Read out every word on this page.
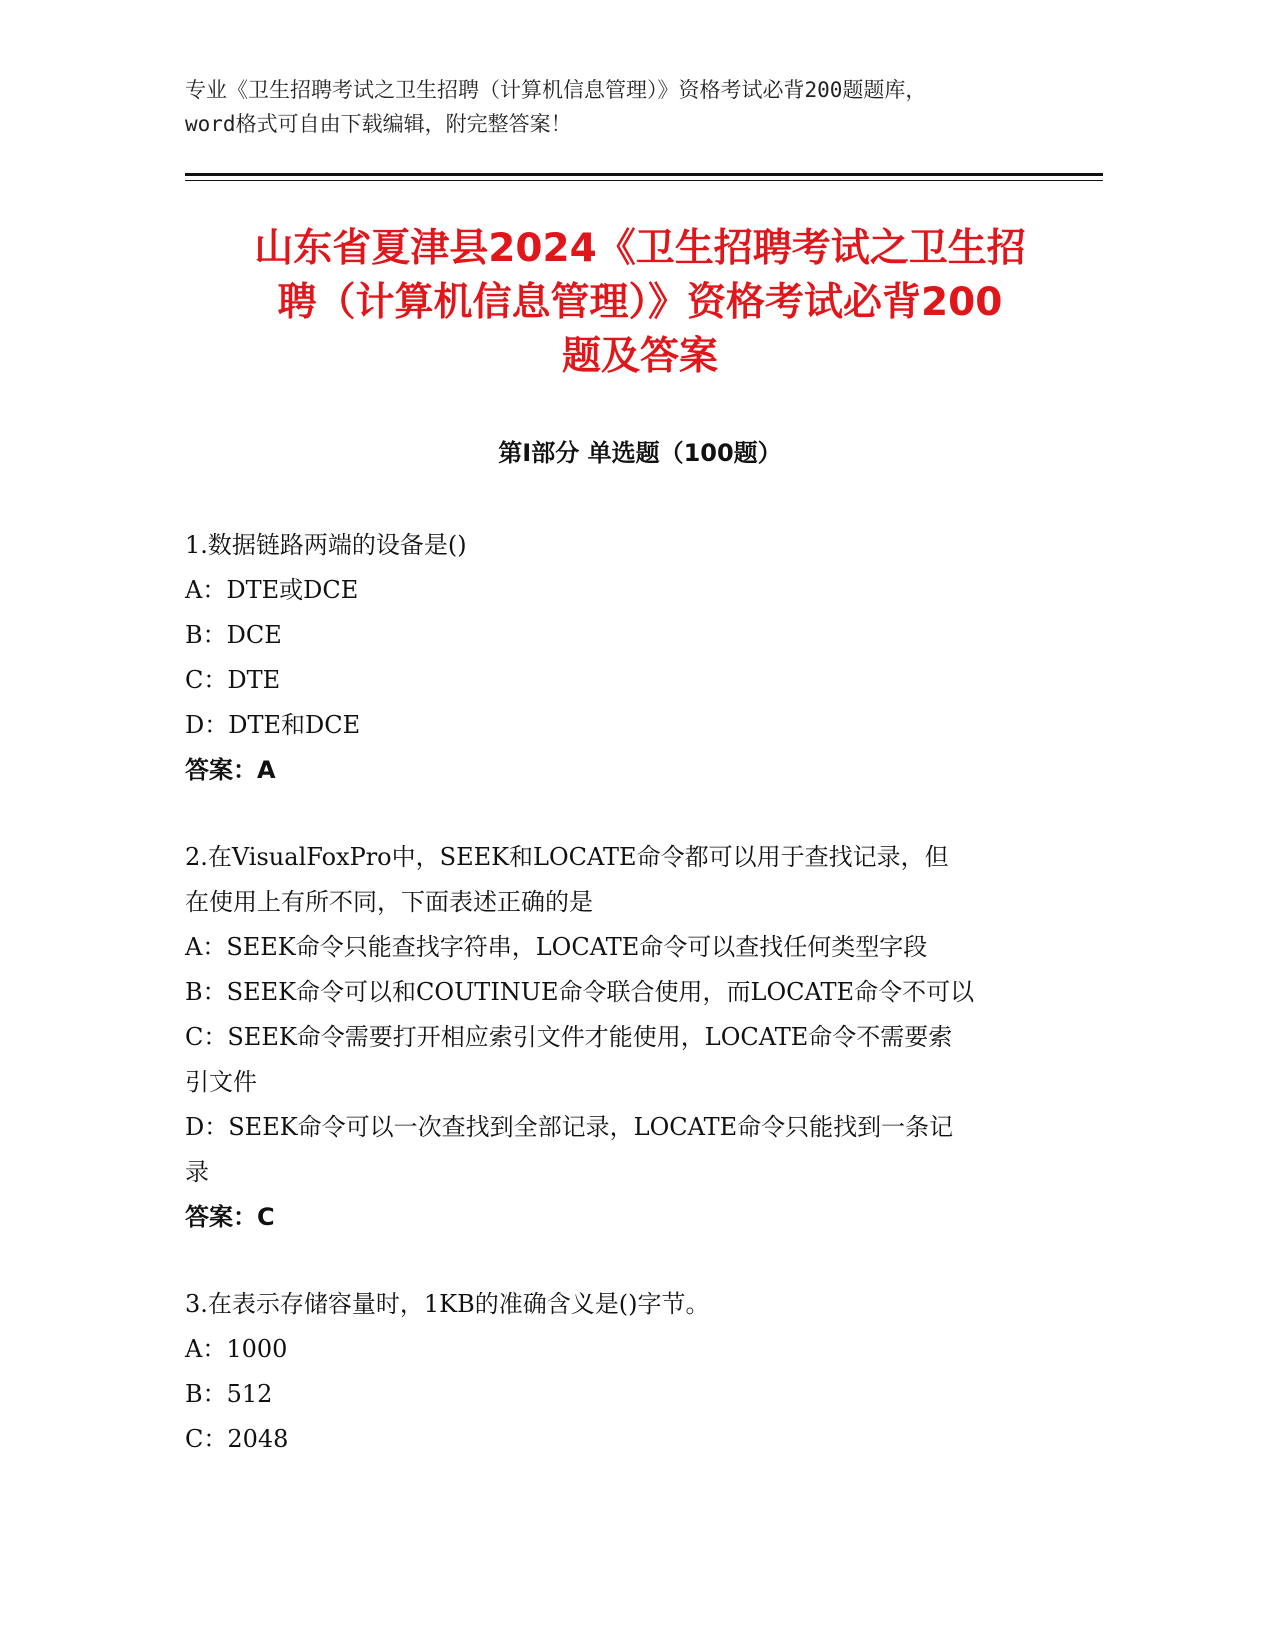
专业《卫生招聘考试之卫生招聘（计算机信息管理）》资格考试必背200题题库，
word格式可自由下载编辑，附完整答案！
山东省夏津县2024《卫生招聘考试之卫生招
聘（计算机信息管理）》资格考试必背200
题及答案
第I部分 单选题（100题）

1.数据链路两端的设备是()

A：DTE或DCE

B：DCE

C：DTE

D：DTE和DCE

答案：A

2.在VisualFoxPro中，SEEK和LOCATE命令都可以用于查找记录，但

在使用上有所不同，下面表述正确的是

A：SEEK命令只能查找字符串，LOCATE命令可以查找任何类型字段

B：SEEK命令可以和COUTINUE命令联合使用，而LOCATE命令不可以

C：SEEK命令需要打开相应索引文件才能使用，LOCATE命令不需要索

引文件

D：SEEK命令可以一次查找到全部记录，LOCATE命令只能找到一条记

录

答案：C

3.在表示存储容量时，1KB的准确含义是()字节。

A：1000

B：512

C：2048
